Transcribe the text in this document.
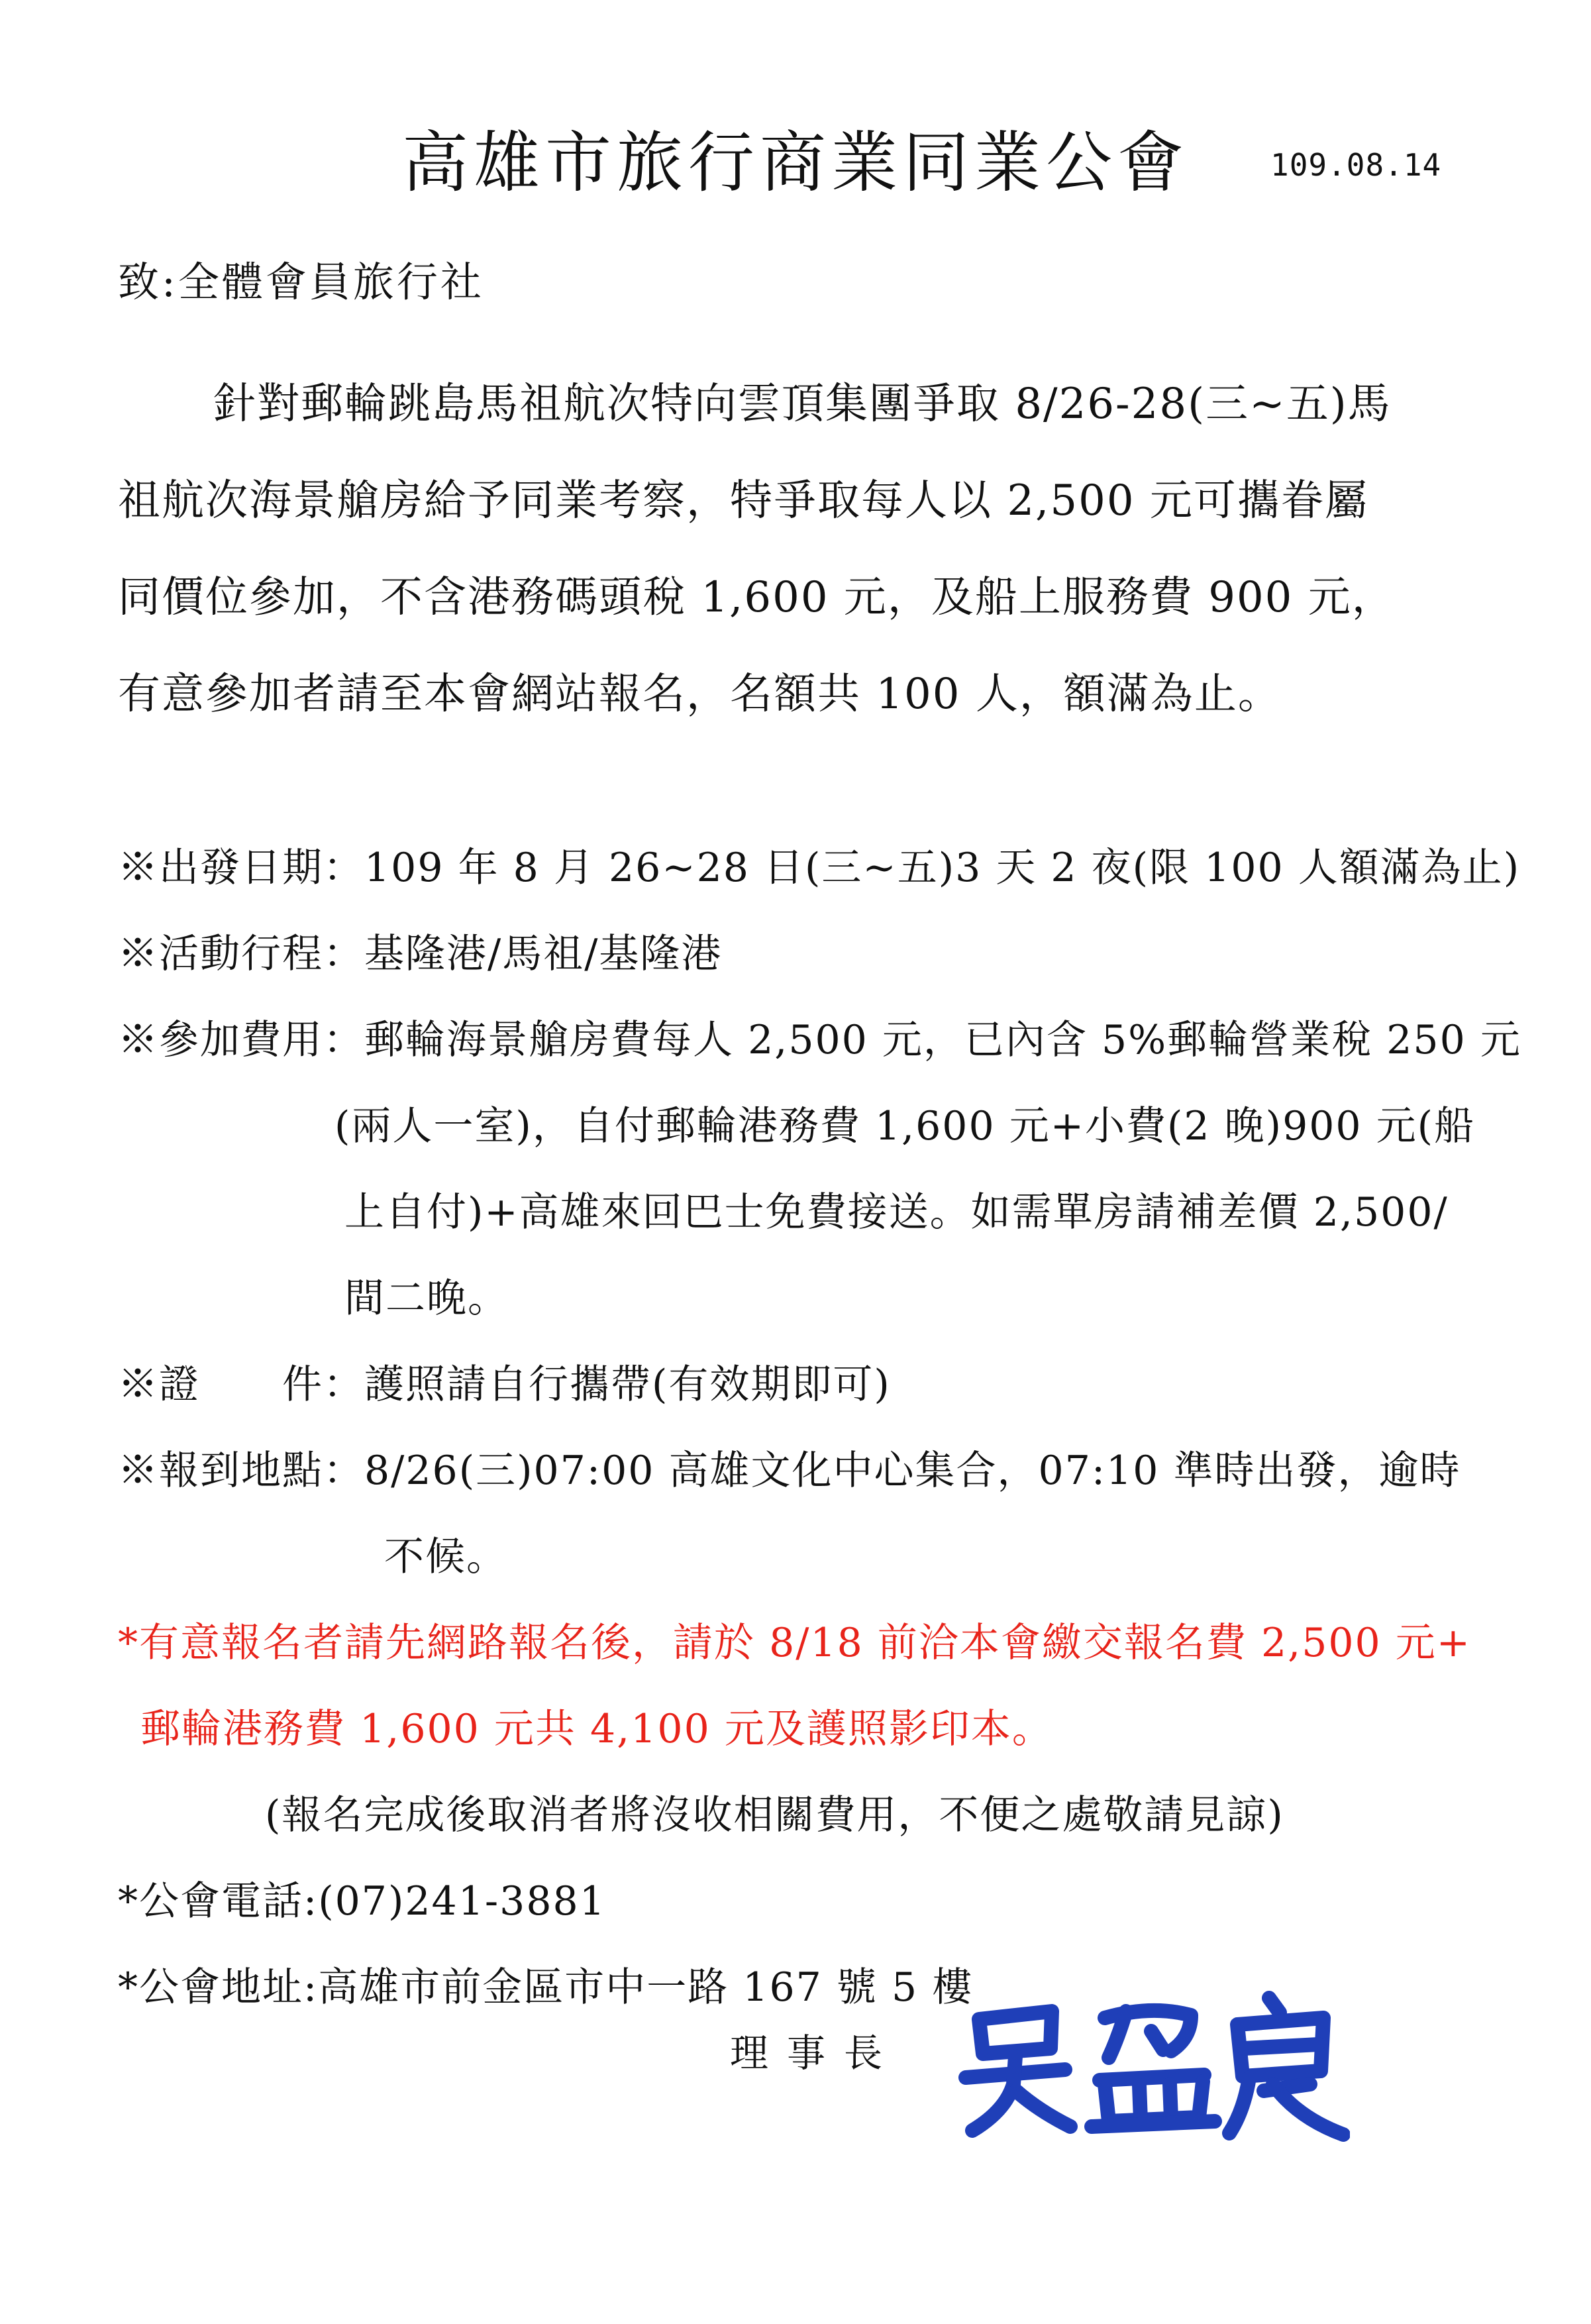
高雄市旅行商業同業公會	109.08.14
致:全體會員旅行社
針對郵輪跳島馬祖航次特向雲頂集團爭取 8/26-28(三~五)馬
祖航次海景艙房給予同業考察，特爭取每人以 2,500 元可攜眷屬
同價位參加，不含港務碼頭稅 1,600 元，及船上服務費 900 元，
有意參加者請至本會網站報名，名額共 100 人，額滿為止。
※出發日期：109 年 8 月 26~28 日(三~五)3 天 2 夜(限 100 人額滿為止)
※活動行程：基隆港/馬祖/基隆港
※參加費用：郵輪海景艙房費每人 2,500 元，已內含 5%郵輪營業稅 250 元
(兩人一室)，自付郵輪港務費 1,600 元+小費(2 晚)900 元(船
上自付)+高雄來回巴士免費接送。如需單房請補差價 2,500/
間二晚。
※證　　件：護照請自行攜帶(有效期即可)
※報到地點：8/26(三)07:00 高雄文化中心集合，07:10 準時出發，逾時
不候。
*有意報名者請先網路報名後，請於 8/18 前洽本會繳交報名費 2,500 元+
郵輪港務費 1,600 元共 4,100 元及護照影印本。
(報名完成後取消者將沒收相關費用，不便之處敬請見諒)
*公會電話:(07)241-3881
*公會地址:高雄市前金區市中一路 167 號 5 樓
理事長
